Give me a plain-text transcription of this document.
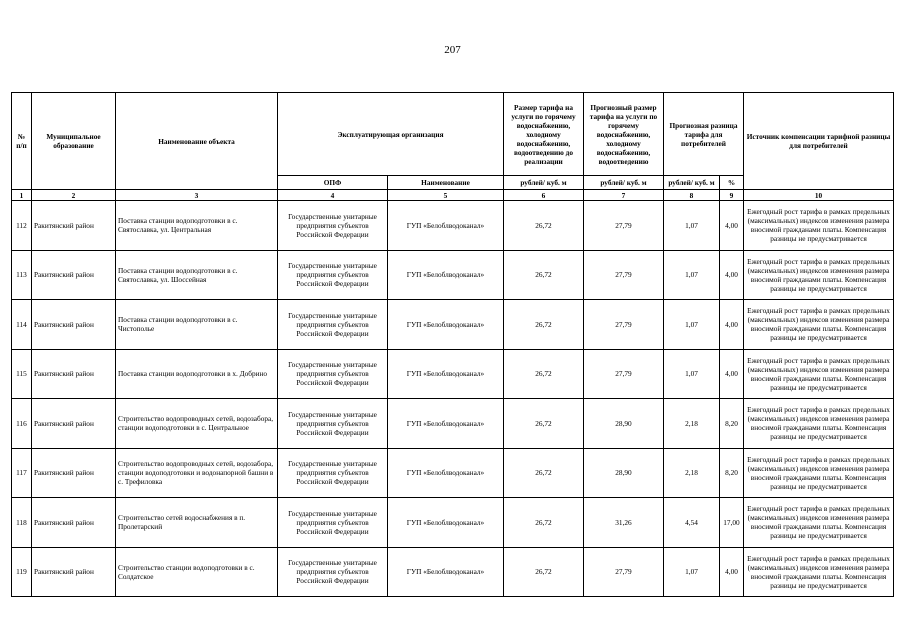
207
№ п/п	Муниципальное образование	Наименование объекта	Эксплуатирующая организация		Размер тарифа на услуги по горячему водоснабжению, холодному водоснабжению, водоотведению до реализации	Прогнозный размер тарифа на услуги по горячему водоснабжению, холодному водоснабжению, водоотведению	Прогнозная разница тарифа для потребителей		Источник компенсации тарифной разницы для потребителей
			ОПФ	Наименование	рублей/ куб. м	рублей/ куб. м	рублей/ куб. м	%	
1	2	3	4	5	6	7	8	9	10
112	Ракитянский район	Поставка станции водоподготовки в с. Святославка, ул. Центральная	Государственные унитарные предприятия субъектов Российской Федерации	ГУП «Белоблводоканал»	26,72	27,79	1,07	4,00	Ежегодный рост тарифа в рамках предельных (максимальных) индексов изменения размера вносимой гражданами платы. Компенсация разницы не предусматривается
113	Ракитянский район	Поставка станции водоподготовки в с. Святославка, ул. Шоссейная	Государственные унитарные предприятия субъектов Российской Федерации	ГУП «Белоблводоканал»	26,72	27,79	1,07	4,00	Ежегодный рост тарифа в рамках предельных (максимальных) индексов изменения размера вносимой гражданами платы. Компенсация разницы не предусматривается
114	Ракитянский район	Поставка станции водоподготовки в с. Чистополье	Государственные унитарные предприятия субъектов Российской Федерации	ГУП «Белоблводоканал»	26,72	27,79	1,07	4,00	Ежегодный рост тарифа в рамках предельных (максимальных) индексов изменения размера вносимой гражданами платы. Компенсация разницы не предусматривается
115	Ракитянский район	Поставка станции водоподготовки в х. Добрино	Государственные унитарные предприятия субъектов Российской Федерации	ГУП «Белоблводоканал»	26,72	27,79	1,07	4,00	Ежегодный рост тарифа в рамках предельных (максимальных) индексов изменения размера вносимой гражданами платы. Компенсация разницы не предусматривается
116	Ракитянский район	Строительство водопроводных сетей, водозабора, станции водоподготовки в с. Центральное	Государственные унитарные предприятия субъектов Российской Федерации	ГУП «Белоблводоканал»	26,72	28,90	2,18	8,20	Ежегодный рост тарифа в рамках предельных (максимальных) индексов изменения размера вносимой гражданами платы. Компенсация разницы не предусматривается
117	Ракитянский район	Строительство водопроводных сетей, водозабора, станции водоподготовки и водонапорной башни в с. Трефиловка	Государственные унитарные предприятия субъектов Российской Федерации	ГУП «Белоблводоканал»	26,72	28,90	2,18	8,20	Ежегодный рост тарифа в рамках предельных (максимальных) индексов изменения размера вносимой гражданами платы. Компенсация разницы не предусматривается
118	Ракитянский район	Строительство сетей водоснабжения в п. Пролетарский	Государственные унитарные предприятия субъектов Российской Федерации	ГУП «Белоблводоканал»	26,72	31,26	4,54	17,00	Ежегодный рост тарифа в рамках предельных (максимальных) индексов изменения размера вносимой гражданами платы. Компенсация разницы не предусматривается
119	Ракитянский район	Строительство станции водоподготовки в с. Солдатское	Государственные унитарные предприятия субъектов Российской Федерации	ГУП «Белоблводоканал»	26,72	27,79	1,07	4,00	Ежегодный рост тарифа в рамках предельных (максимальных) индексов изменения размера вносимой гражданами платы. Компенсация разницы не предусматривается
